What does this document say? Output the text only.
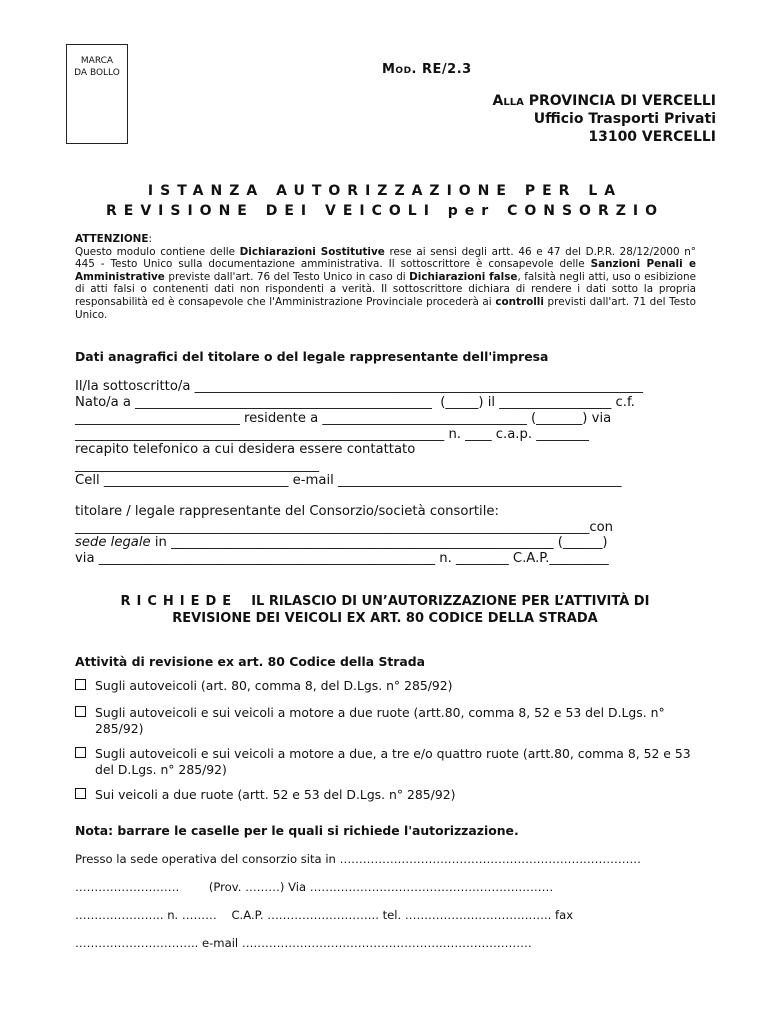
MARCA
DA BOLLO	Mod. RE/2.3
Alla PROVINCIA DI VERCELLI
Ufficio Trasporti Privati
13100 VERCELLI
ISTANZA AUTORIZZAZIONE PER LA
REVISIONE DEI VEICOLI per CONSORZIO
ATTENZIONE:
Questo modulo contiene delle Dichiarazioni Sostitutive rese ai sensi degli artt. 46 e 47 del D.P.R. 28/12/2000 n° 445 - Testo Unico sulla documentazione amministrativa. Il sottoscrittore è consapevole delle Sanzioni Penali e Amministrative previste dall'art. 76 del Testo Unico in caso di Dichiarazioni false, falsità negli atti, uso o esibizione di atti falsi o contenenti dati non rispondenti a verità. Il sottoscrittore dichiara di rendere i dati sotto la propria responsabilità ed è consapevole che l'Amministrazione Provinciale procederà ai controlli previsti dall'art. 71 del Testo Unico.
Dati anagrafici del titolare o del legale rappresentante dell'impresa
Il/la sottoscritto/a ____________________________________________________________________
Nato/a a _____________________________________________  (_____) il _________________ c.f.
_________________________ residente a _______________________________ (_______) via
________________________________________________________ n. ____ c.a.p. ________
recapito telefonico a cui desidera essere contattato
_____________________________________
Cell ____________________________ e-mail ___________________________________________
titolare / legale rappresentante del Consorzio/società consortile:
______________________________________________________________________________con
sede legale in __________________________________________________________ (______)
via ___________________________________________________ n. ________ C.A.P._________
RICHIEDE IL RILASCIO DI UN’AUTORIZZAZIONE PER L’ATTIVITÀ DI
REVISIONE DEI VEICOLI EX ART. 80 CODICE DELLA STRADA
Attività di revisione ex art. 80 Codice della Strada
Sugli autoveicoli (art. 80, comma 8, del D.Lgs. n° 285/92)
Sugli autoveicoli e sui veicoli a motore a due ruote (artt.80, comma 8, 52 e 53 del D.Lgs. n° 285/92)
Sugli autoveicoli e sui veicoli a motore a due, a tre e/o quattro ruote (artt.80, comma 8, 52 e 53 del D.Lgs. n° 285/92)
Sui veicoli a due ruote (artt. 52 e 53 del D.Lgs. n° 285/92)
Nota: barrare le caselle per le quali si richiede l'autorizzazione.
Presso la sede operativa del consorzio sita in ……………………………………………………………………
………………………        (Prov. ………) Via ………………………………………………………
………………….. n. ………    C.A.P. ……………………….. tel. ……………………………….. fax
………………………….. e-mail …………………………………………………………………
